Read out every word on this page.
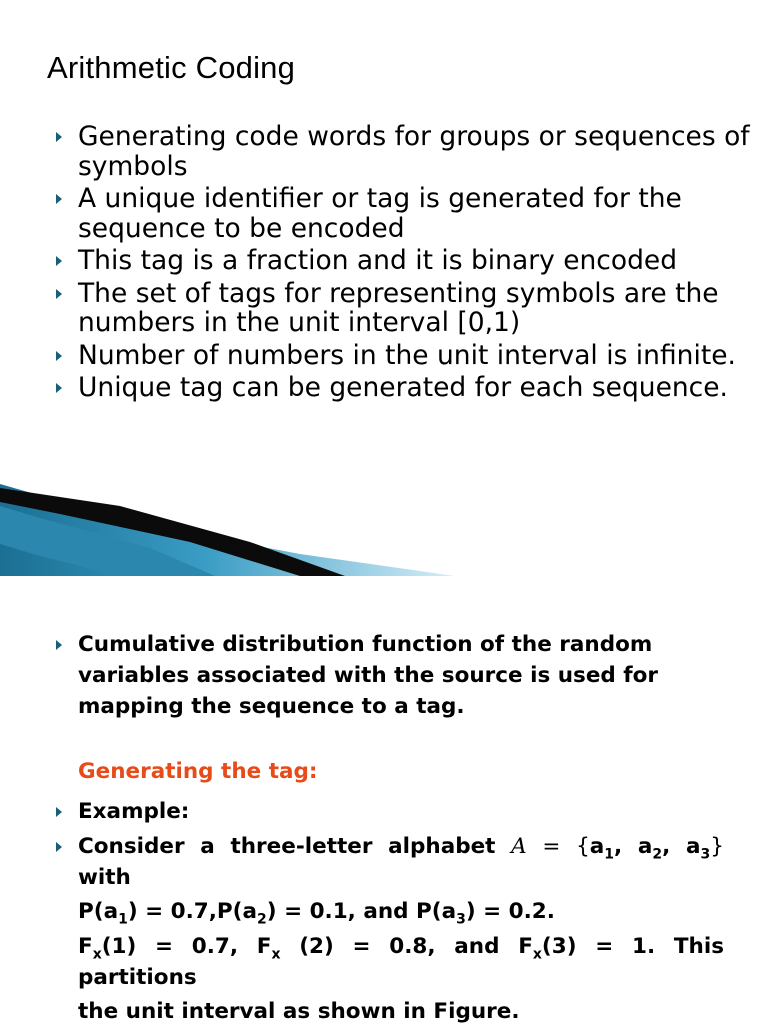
Arithmetic Coding
Generating code words for groups or sequences of symbols
A unique identifier or tag is generated for the sequence to be encoded
This tag is a fraction and it is binary encoded
The set of tags for representing symbols are the numbers in the unit interval [0,1)
Number of numbers in the unit interval is infinite.
Unique tag can be generated for each sequence.
Cumulative distribution function of the random variables associated with the source is used for mapping the sequence to a tag.
Generating the tag:
Example:
Consider a three-letter alphabet $A = \{a_1$, $a_2$, $a_3$} with

$P(a_1) = 0.7,P(a_2) = 0.1$, and $P(a_3) = 0.2$.

$F_x(1) = 0.7$, $F_x$ (2) = 0.8, and $F_x(3) = 1$. This partitions

the unit interval as shown in Figure.
